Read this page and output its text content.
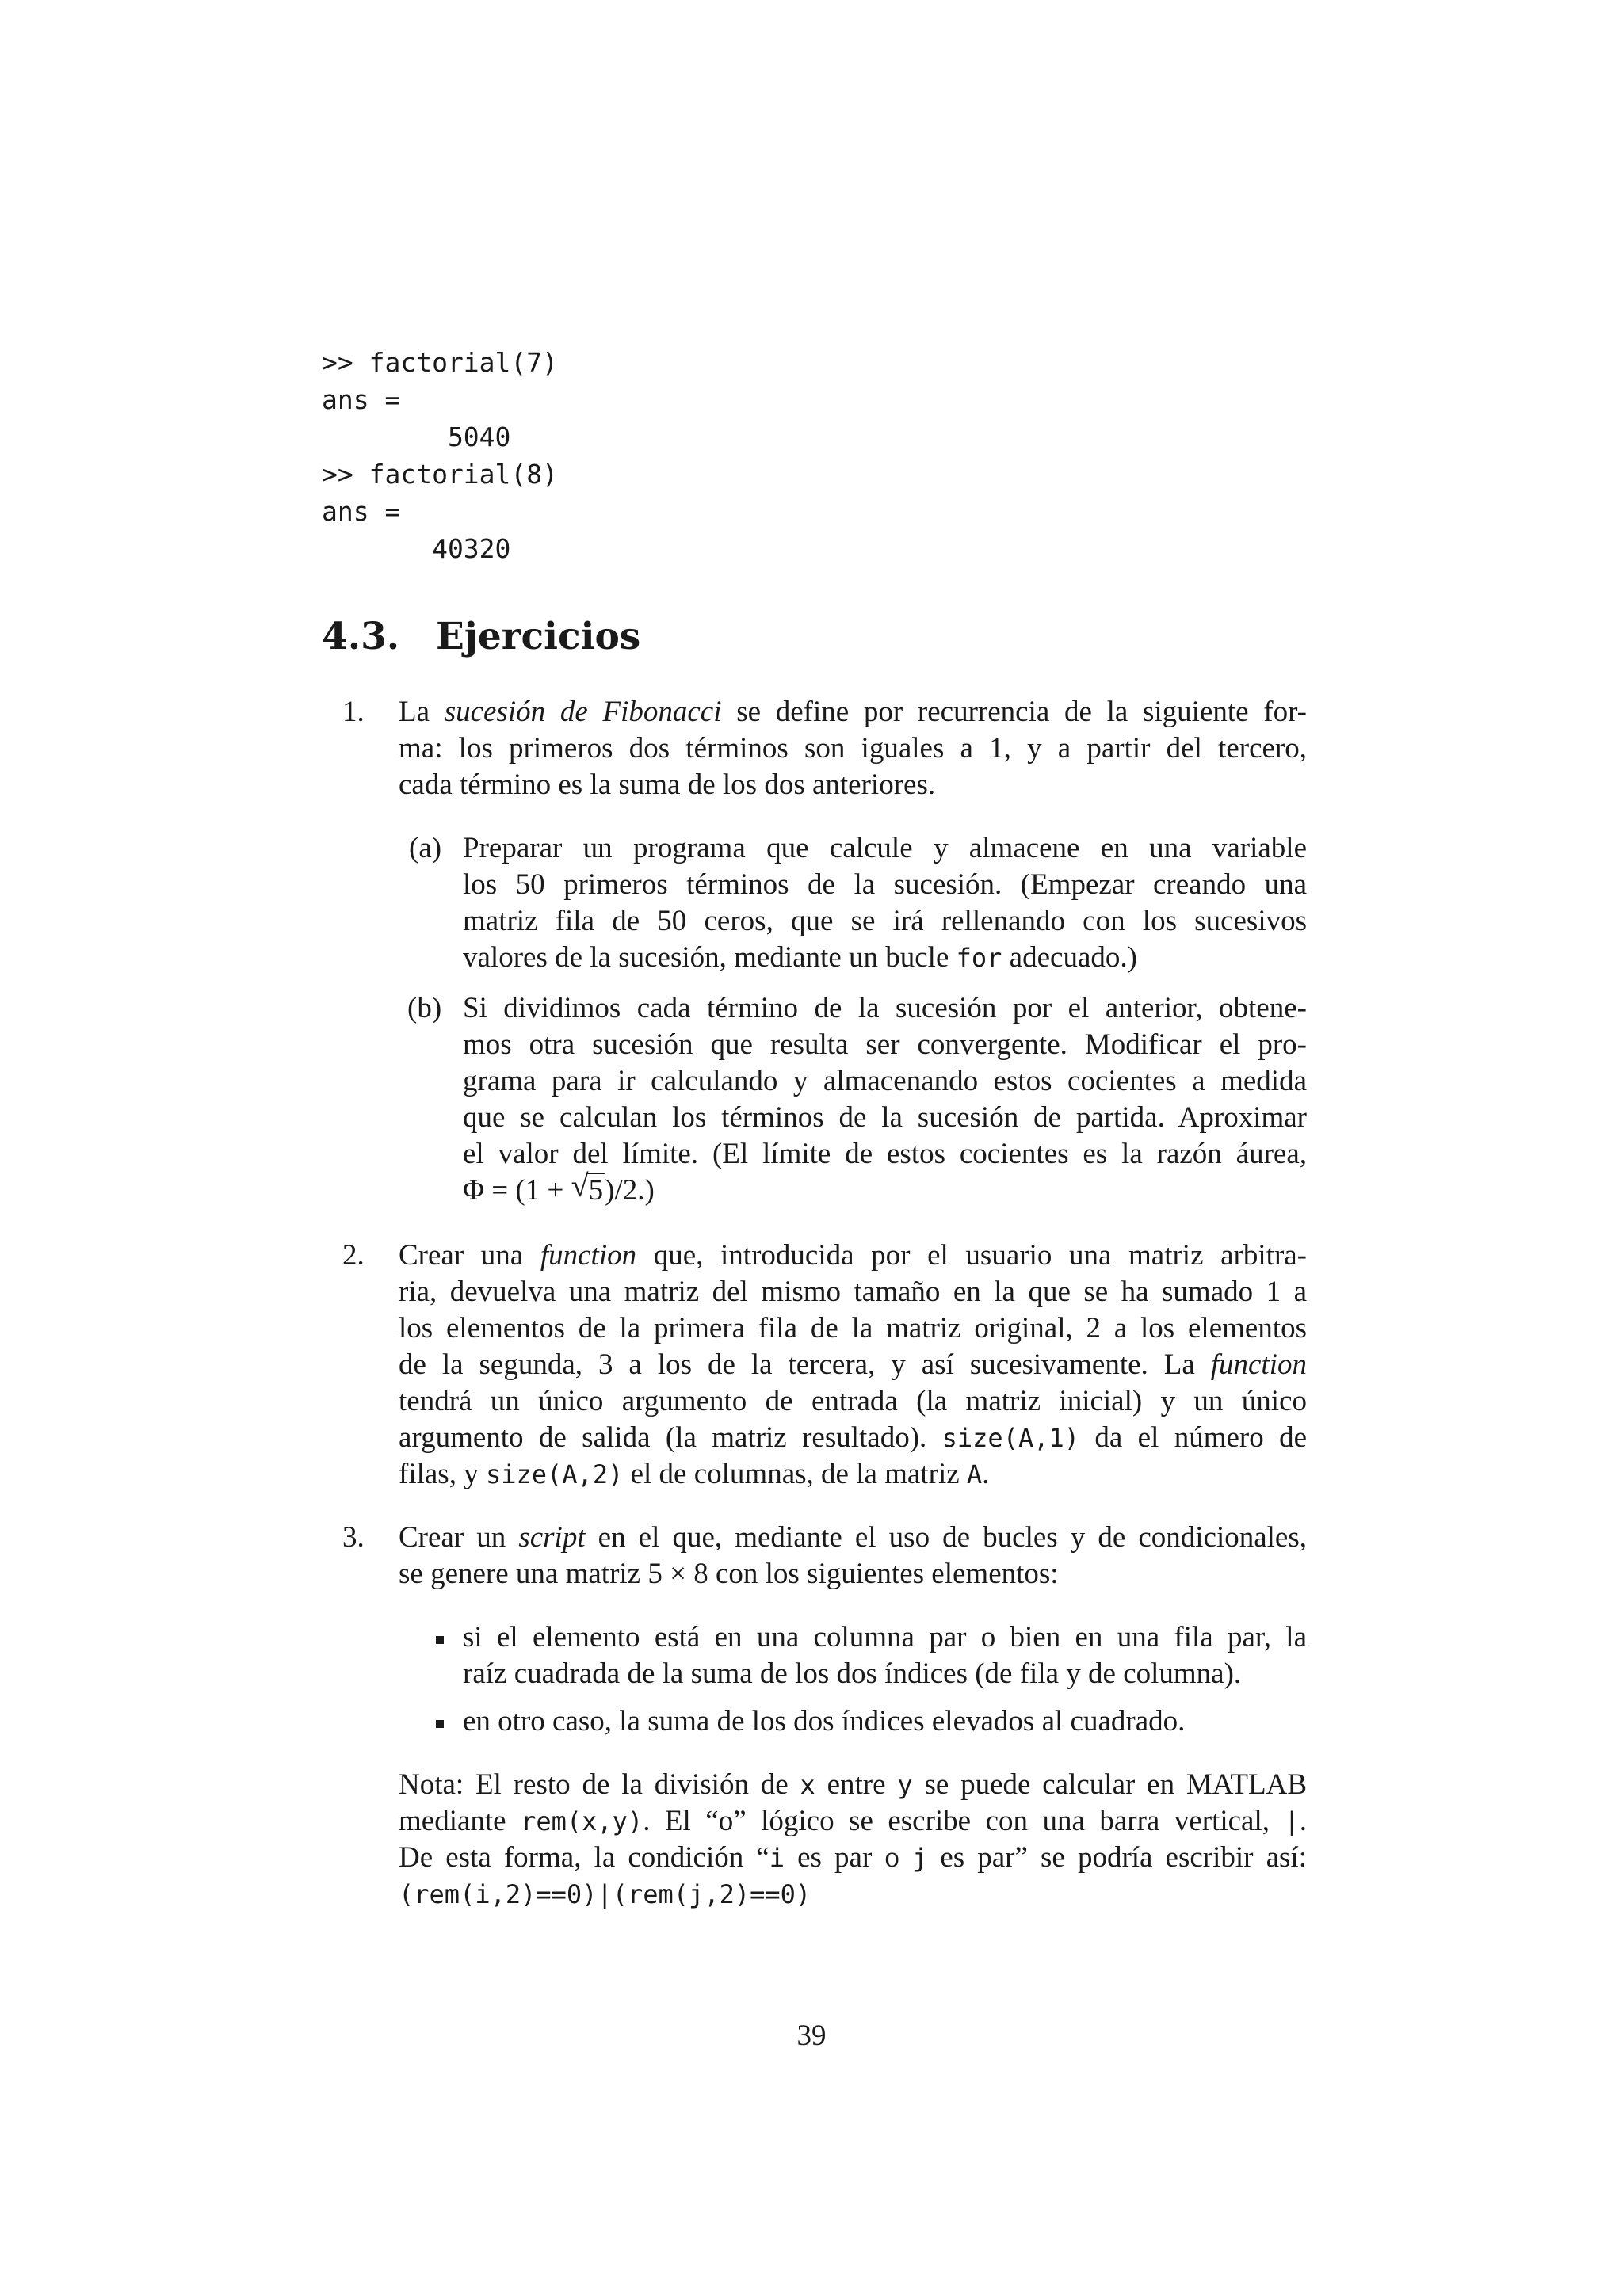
>> factorial(7)
ans =
5040
>> factorial(8)
ans =
40320
4.3. Ejercicios
1. La sucesión de Fibonacci se define por recurrencia de la siguiente for-
ma: los primeros dos términos son iguales a 1, y a partir del tercero,
cada término es la suma de los dos anteriores.
(a) Preparar un programa que calcule y almacene en una variable
los 50 primeros términos de la sucesión. (Empezar creando una
matriz fila de 50 ceros, que se irá rellenando con los sucesivos
valores de la sucesión, mediante un bucle for adecuado.)
(b) Si dividimos cada término de la sucesión por el anterior, obtene-
mos otra sucesión que resulta ser convergente. Modificar el pro-
grama para ir calculando y almacenando estos cocientes a medida
que se calculan los términos de la sucesión de partida. Aproximar
el valor del límite. (El límite de estos cocientes es la razón áurea,
Φ = (1 + √ 5)/2.)
2. Crear una function que, introducida por el usuario una matriz arbitra-
ria, devuelva una matriz del mismo tamaño en la que se ha sumado 1 a
los elementos de la primera fila de la matriz original, 2 a los elementos
de la segunda, 3 a los de la tercera, y así sucesivamente. La function
tendrá un único argumento de entrada (la matriz inicial) y un único
argumento de salida (la matriz resultado). size(A,1) da el número de
filas, y size(A,2) el de columnas, de la matriz A.
3. Crear un script en el que, mediante el uso de bucles y de condicionales,
se genere una matriz 5 × 8 con los siguientes elementos:
si el elemento está en una columna par o bien en una fila par, la
raíz cuadrada de la suma de los dos índices (de fila y de columna).
en otro caso, la suma de los dos índices elevados al cuadrado.
Nota: El resto de la división de x entre y se puede calcular en MATLAB
mediante rem(x,y). El “o” lógico se escribe con una barra vertical, |.
De esta forma, la condición “i es par o j es par” se podría escribir así:
(rem(i,2)==0)|(rem(j,2)==0)
39
